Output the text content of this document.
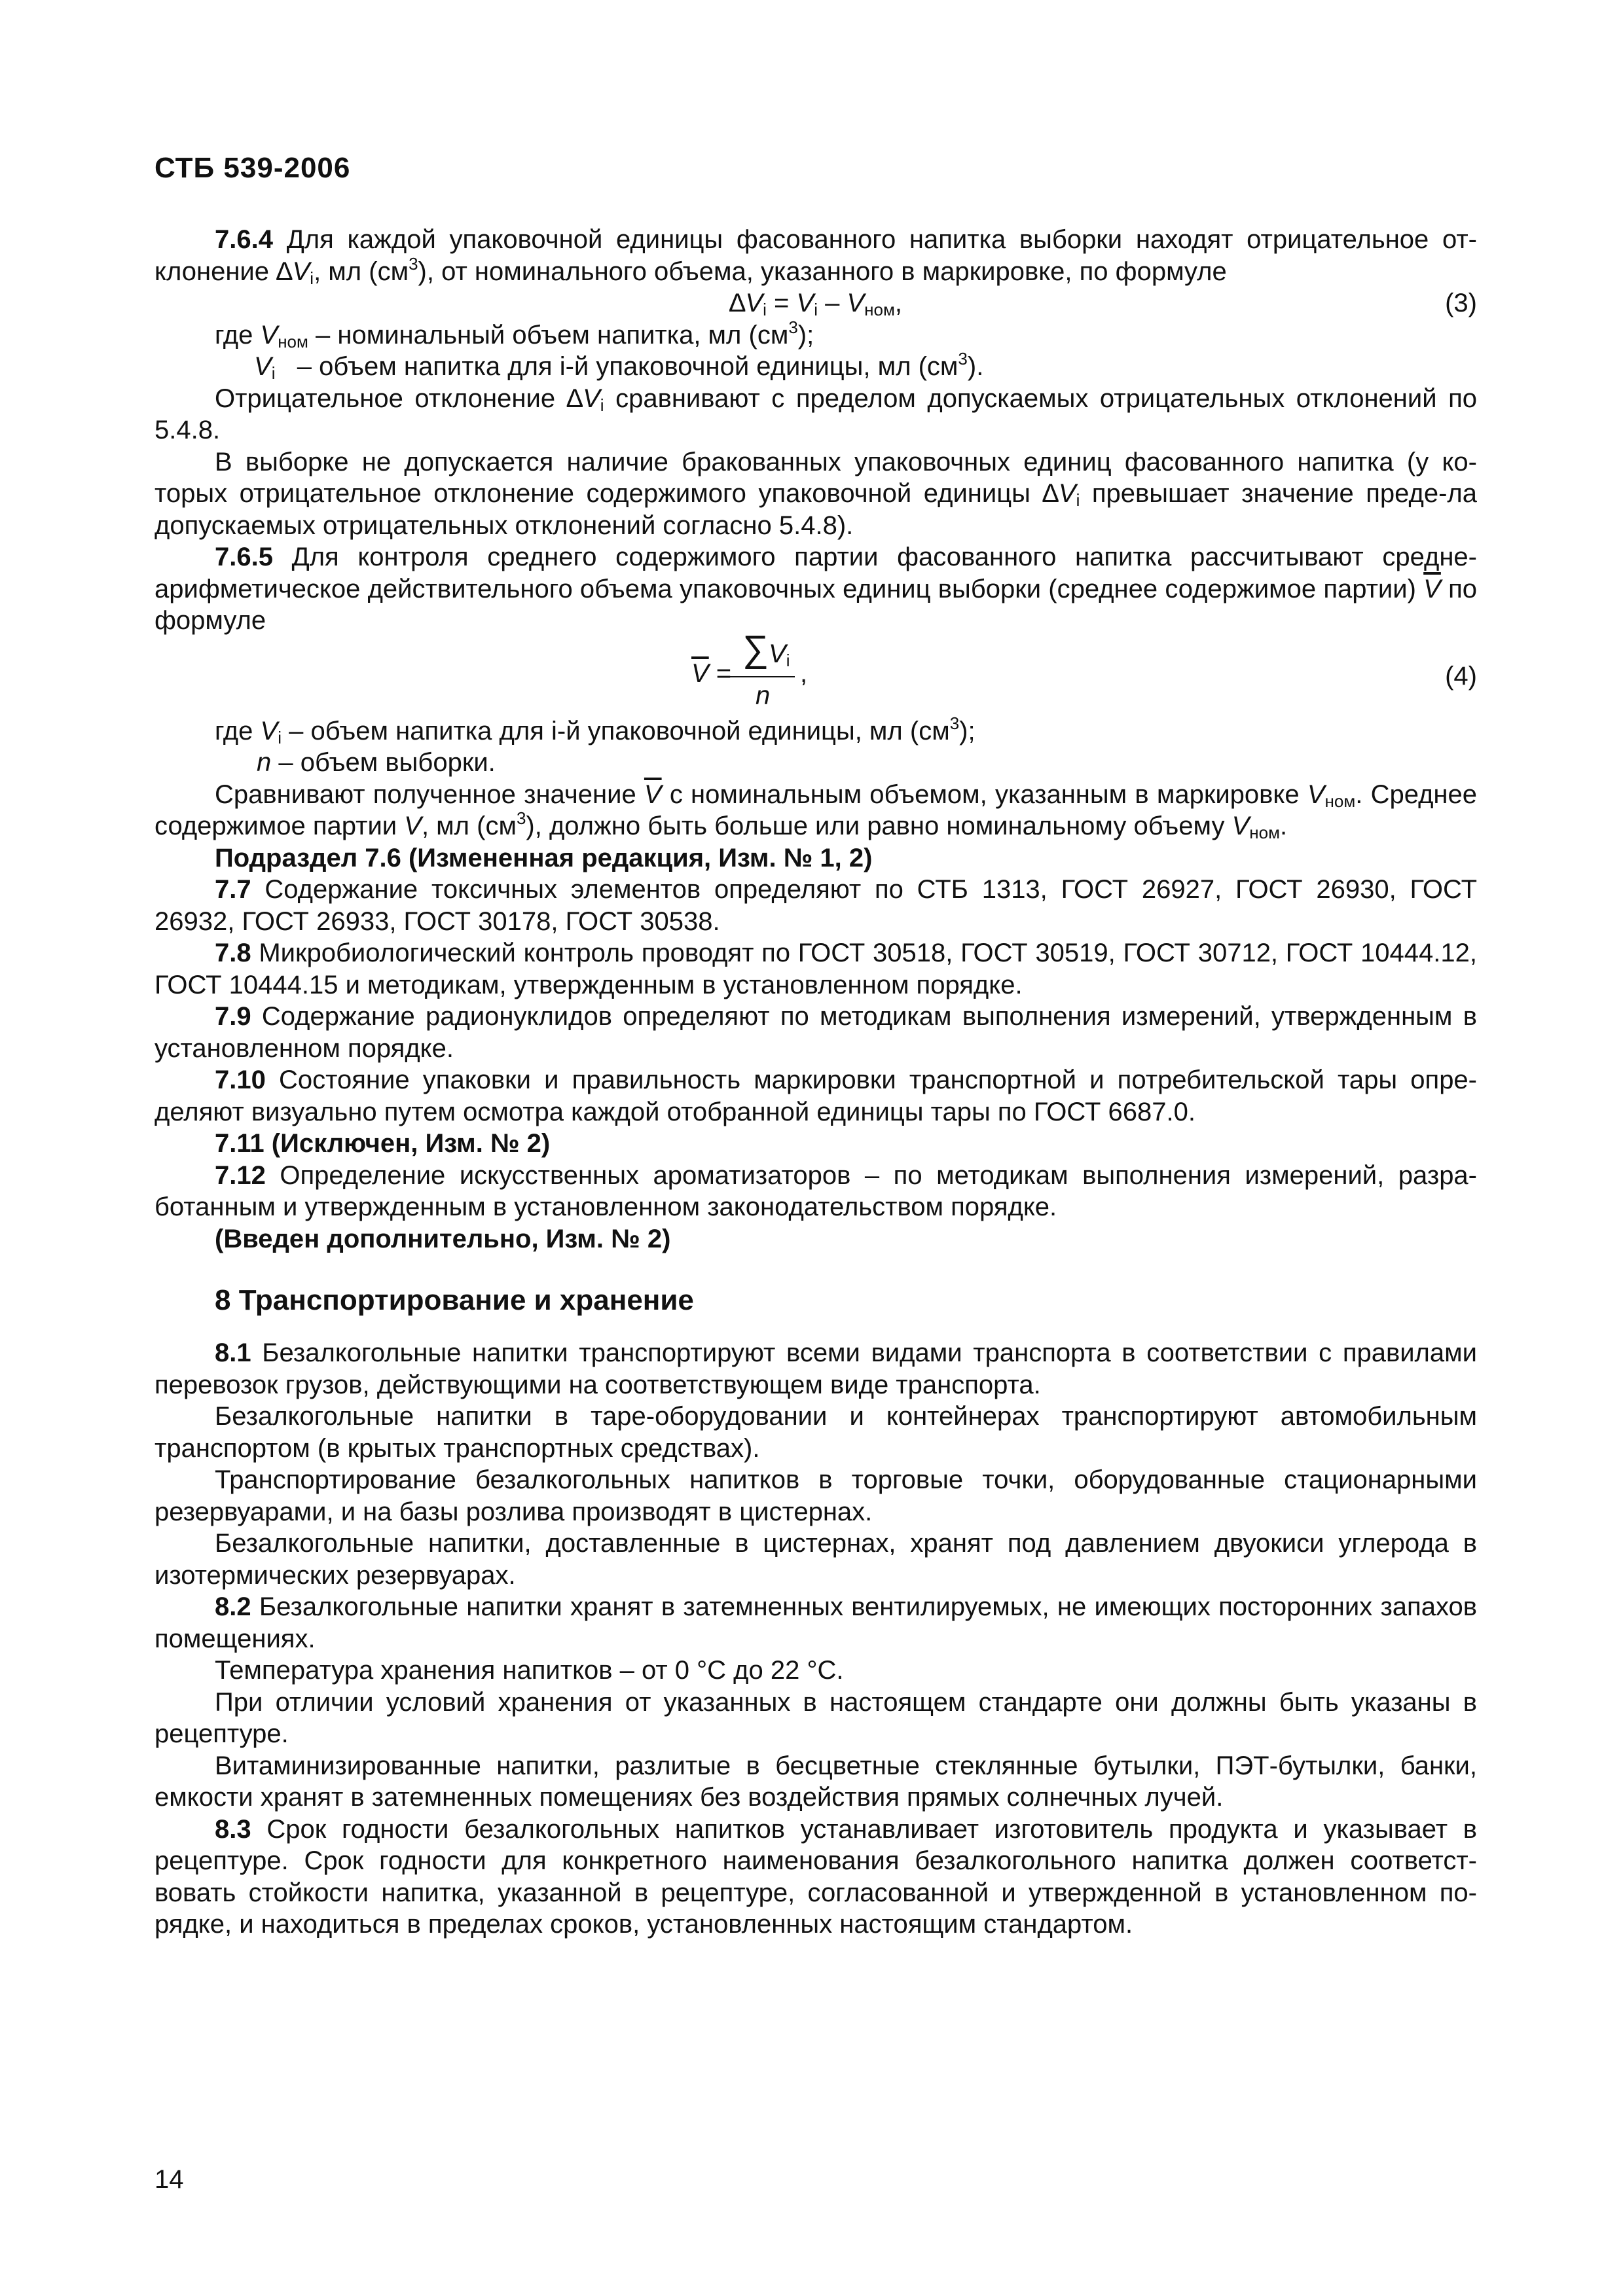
СТБ 539-2006

7.6.4 Для каждой упаковочной единицы фасованного напитка выборки находят отрицательное от-клонение $\Delta V_i$, мл $(см^3)$, от номинального объема, указанного в маркировке, по формуле

$\Delta V_i = V_i - V_{ном}$,	(3)

где $V_{ном}$ – номинальный объем напитка, мл $(см^3)$;

$V_i$   – объем напитка для i-й упаковочной единицы, мл $(см^3)$.

Отрицательное отклонение $\Delta V_i$ сравнивают с пределом допускаемых отрицательных отклонений по 5.4.8.

В выборке не допускается наличие бракованных упаковочных единиц фасованного напитка (у ко-торых отрицательное отклонение содержимого упаковочной единицы $\Delta V_i$ превышает значение преде-ла допускаемых отрицательных отклонений согласно 5.4.8).

7.6.5 Для контроля среднего содержимого партии фасованного напитка рассчитывают средне-арифметическое действительного объема упаковочных единиц выборки (среднее содержимое партии) $\overline{V}$ по формуле

$\overline{V}$ =
∑ $V_i$
n
,	(4)

где $V_i$ – объем напитка для i-й упаковочной единицы, мл $(см^3)$;

n – объем выборки.

Сравнивают полученное значение $\overline{V}$ с номинальным объемом, указанным в маркировке $V_{ном}$. Среднее содержимое партии V, мл $(см^3)$, должно быть больше или равно номинальному объему $V_{ном}$.

Подраздел 7.6 (Измененная редакция, Изм. № 1, 2)

7.7 Содержание токсичных элементов определяют по СТБ 1313, ГОСТ 26927, ГОСТ 26930, ГОСТ 26932, ГОСТ 26933, ГОСТ 30178, ГОСТ 30538.

7.8 Микробиологический контроль проводят по ГОСТ 30518, ГОСТ 30519, ГОСТ 30712, ГОСТ 10444.12, ГОСТ 10444.15 и методикам, утвержденным в установленном порядке.

7.9 Содержание радионуклидов определяют по методикам выполнения измерений, утвержденным в установленном порядке.

7.10 Состояние упаковки и правильность маркировки транспортной и потребительской тары опре-деляют визуально путем осмотра каждой отобранной единицы тары по ГОСТ 6687.0.

7.11 (Исключен, Изм. № 2)

7.12 Определение искусственных ароматизаторов – по методикам выполнения измерений, разра-ботанным и утвержденным в установленном законодательством порядке.

(Введен дополнительно, Изм. № 2)

8 Транспортирование и хранение

8.1 Безалкогольные напитки транспортируют всеми видами транспорта в соответствии с правилами перевозок грузов, действующими на соответствующем виде транспорта.

Безалкогольные напитки в таре-оборудовании и контейнерах транспортируют автомобильным транспортом (в крытых транспортных средствах).

Транспортирование безалкогольных напитков в торговые точки, оборудованные стационарными резервуарами, и на базы розлива производят в цистернах.

Безалкогольные напитки, доставленные в цистернах, хранят под давлением двуокиси углерода в изотермических резервуарах.

8.2 Безалкогольные напитки хранят в затемненных вентилируемых, не имеющих посторонних запахов помещениях.

Температура хранения напитков – от 0 °С до 22 °С.

При отличии условий хранения от указанных в настоящем стандарте они должны быть указаны в рецептуре.

Витаминизированные напитки, разлитые в бесцветные стеклянные бутылки, ПЭТ-бутылки, банки, емкости хранят в затемненных помещениях без воздействия прямых солнечных лучей.

8.3 Срок годности безалкогольных напитков устанавливает изготовитель продукта и указывает в рецептуре. Срок годности для конкретного наименования безалкогольного напитка должен соответст-вовать стойкости напитка, указанной в рецептуре, согласованной и утвержденной в установленном по-рядке, и находиться в пределах сроков, установленных настоящим стандартом.

14
